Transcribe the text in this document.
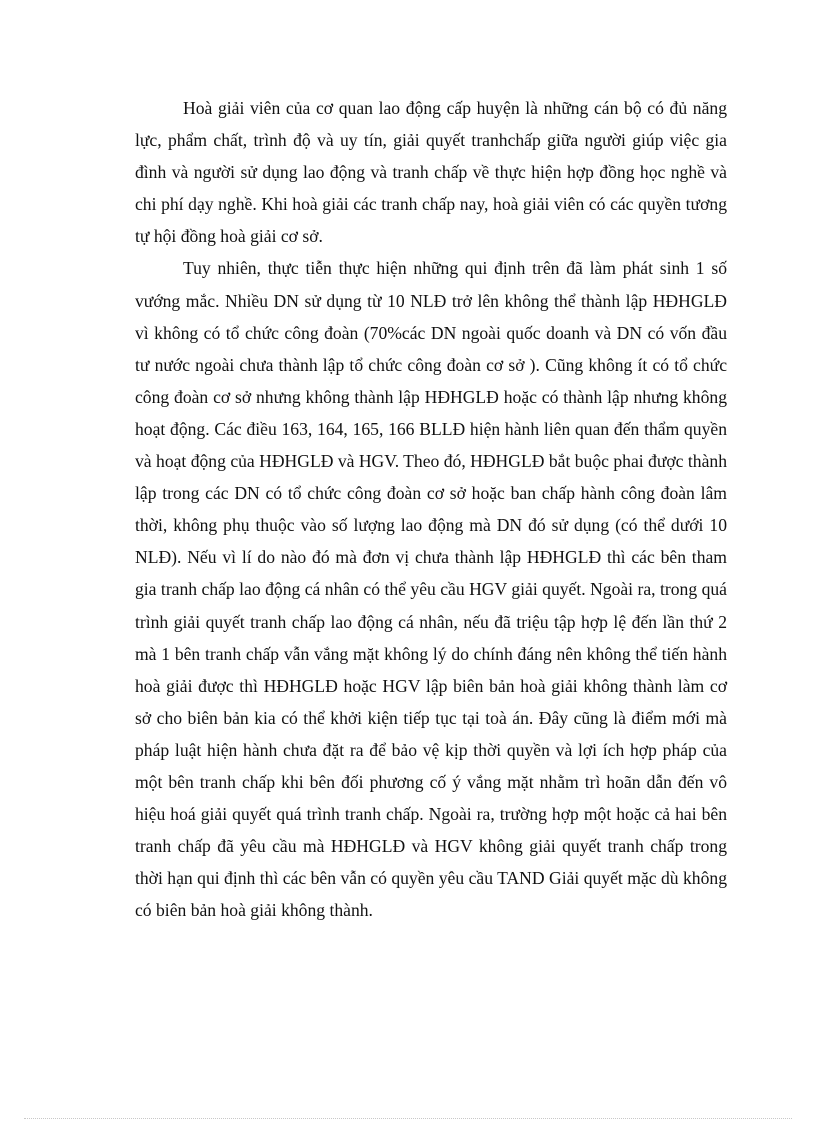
Hoà giải viên của cơ quan lao động cấp huyện là những cán bộ có đủ năng lực, phẩm chất, trình độ và uy tín, giải quyết tranhchấp giữa người giúp việc gia đình và người sử dụng lao động và tranh chấp về thực hiện hợp đồng học nghề và chi phí dạy nghề. Khi hoà giải các tranh chấp nay, hoà giải viên có các quyền tương tự hội đồng hoà giải cơ sở.

Tuy nhiên, thực tiễn thực hiện những qui định trên đã làm phát sinh 1 số vướng mắc. Nhiều DN sử dụng từ 10 NLĐ trở lên không thể thành lập HĐHGLĐ vì không có tổ chức công đoàn (70%các DN ngoài quốc doanh và DN có vốn đầu tư nước ngoài chưa thành lập tổ chức công đoàn cơ sở ). Cũng không ít có tổ chức công đoàn cơ sở nhưng không thành lập HĐHGLĐ hoặc có thành lập nhưng không hoạt động. Các điều 163, 164, 165, 166 BLLĐ hiện hành liên quan đến thẩm quyền và hoạt động của HĐHGLĐ và HGV. Theo đó, HĐHGLĐ bắt buộc phai được thành lập trong các DN có tổ chức công đoàn cơ sở hoặc ban chấp hành công đoàn lâm thời, không phụ thuộc vào số lượng lao động mà DN đó sử dụng (có thể dưới 10 NLĐ). Nếu vì lí do nào đó mà đơn vị chưa thành lập HĐHGLĐ thì các bên tham gia tranh chấp lao động cá nhân có thể yêu cầu HGV giải quyết. Ngoài ra, trong quá trình giải quyết tranh chấp lao động cá nhân, nếu đã triệu tập hợp lệ đến lần thứ 2 mà 1 bên tranh chấp vẫn vắng mặt không lý do chính đáng nên không thể tiến hành hoà giải được thì HĐHGLĐ hoặc HGV lập biên bản hoà giải không thành làm cơ sở cho biên bản kia có thể khởi kiện tiếp tục tại toà án. Đây cũng là điểm mới mà pháp luật hiện hành chưa đặt ra để bảo vệ kịp thời quyền và lợi ích hợp pháp của một bên tranh chấp khi bên đối phương cố ý vắng mặt nhằm trì hoãn dẫn đến vô hiệu hoá giải quyết quá trình tranh chấp. Ngoài ra, trường hợp một hoặc cả hai bên tranh chấp đã yêu cầu mà HĐHGLĐ và HGV không giải quyết tranh chấp trong thời hạn qui định thì các bên vẫn có quyền yêu cầu TAND Giải quyết mặc dù không có biên bản hoà giải không thành.
